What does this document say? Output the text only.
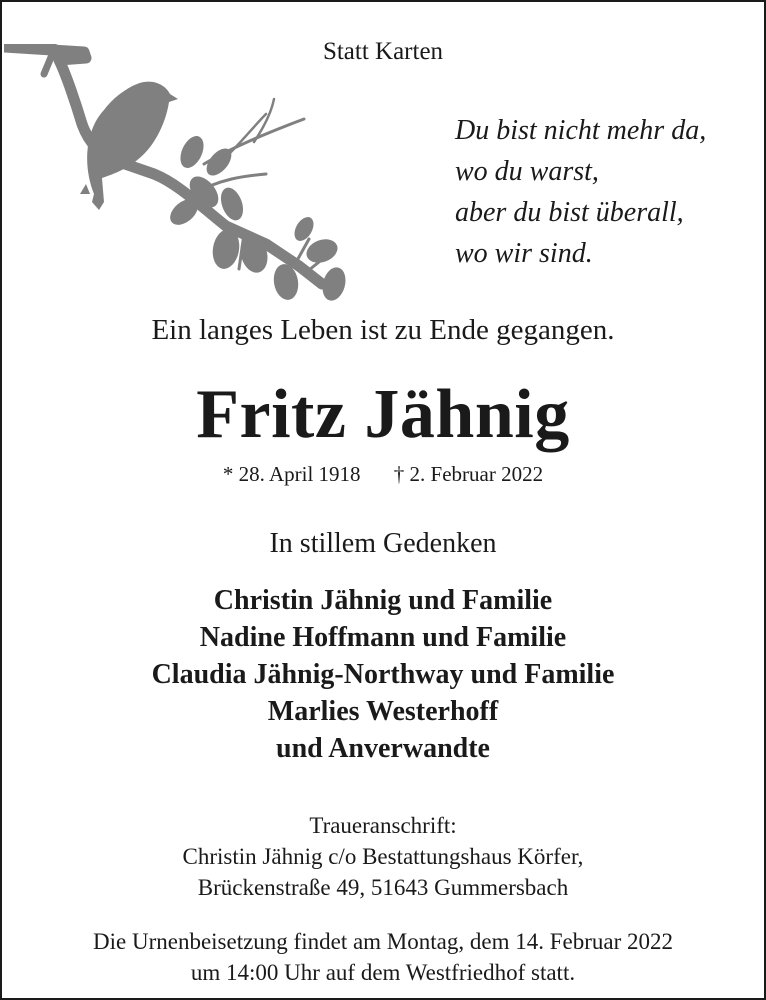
Statt Karten
Du bist nicht mehr da,
wo du warst,
aber du bist überall,
wo wir sind.
Ein langes Leben ist zu Ende gegangen.
Fritz Jähnig
* 28. April 1918 † 2. Februar 2022
In stillem Gedenken
Christin Jähnig und Familie
Nadine Hoffmann und Familie
Claudia Jähnig-Northway und Familie
Marlies Westerhoff
und Anverwandte
Traueranschrift:
Christin Jähnig c/o Bestattungshaus Körfer,
Brückenstraße 49, 51643 Gummersbach
Die Urnenbeisetzung findet am Montag, dem 14. Februar 2022
um 14:00 Uhr auf dem Westfriedhof statt.
